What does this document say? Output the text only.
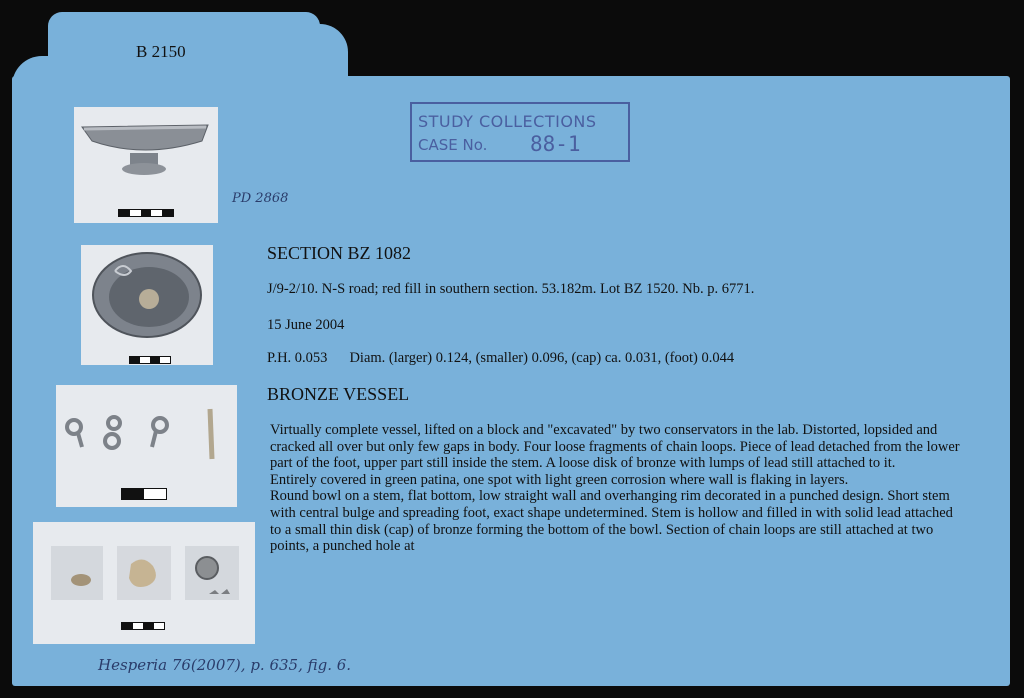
B 2150
STUDY COLLECTIONS
CASE No. 88-1
PD 2868
SECTION BZ 1082
J/9-2/10. N-S road; red fill in southern section. 53.182m. Lot BZ 1520. Nb. p. 6771.
15 June 2004
P.H. 0.053 Diam. (larger) 0.124, (smaller) 0.096, (cap) ca. 0.031, (foot) 0.044
BRONZE VESSEL

Virtually complete vessel, lifted on a block and "excavated" by two conservators in the lab. Distorted, lopsided and cracked all over but only few gaps in body. Four loose fragments of chain loops. Piece of lead detached from the lower part of the foot, upper part still inside the stem. A loose disk of bronze with lumps of lead still attached to it.

Entirely covered in green patina, one spot with light green corrosion where wall is flaking in layers.

Round bowl on a stem, flat bottom, low straight wall and overhanging rim decorated in a punched design. Short stem with central bulge and spreading foot, exact shape undetermined. Stem is hollow and filled in with solid lead attached to a small thin disk (cap) of bronze forming the bottom of the bowl. Section of chain loops are still attached at two points, a punched hole at

Hesperia 76(2007), p. 635, fig. 6.
